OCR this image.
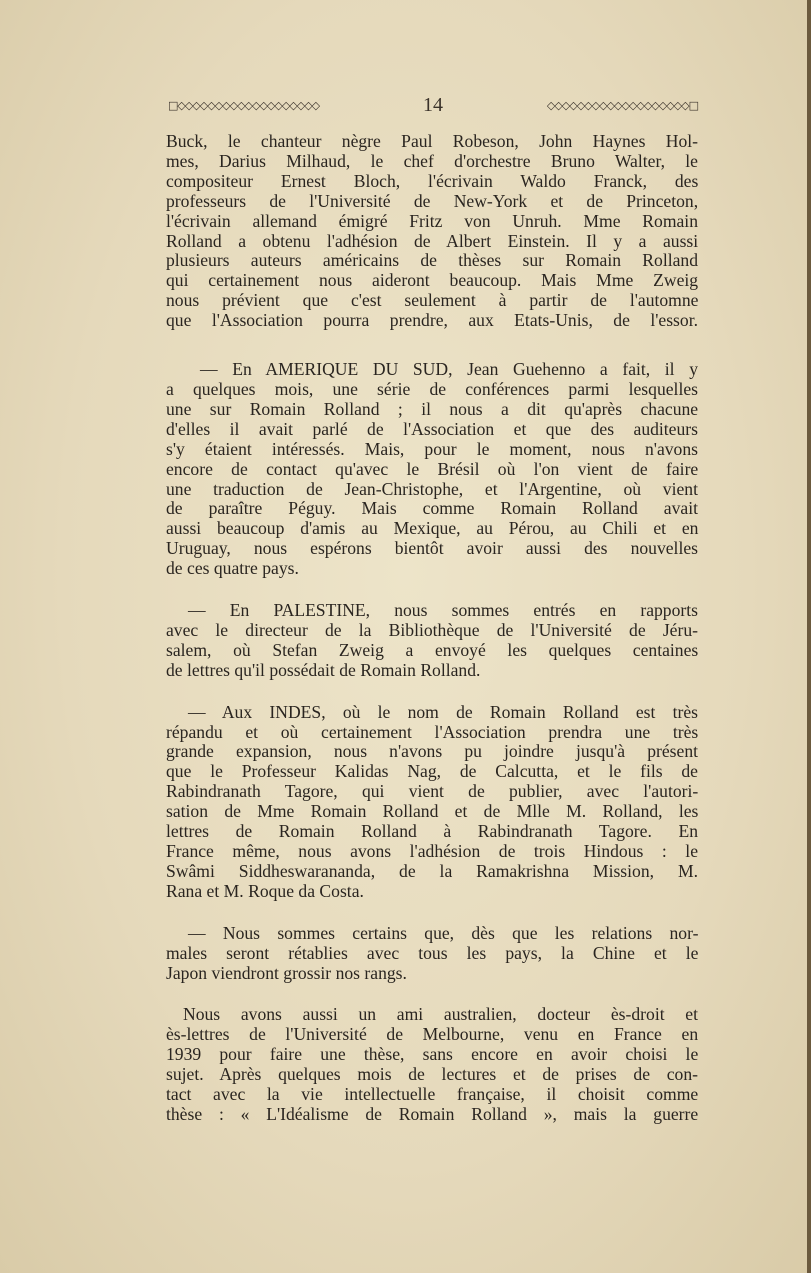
□◇◇◇◇◇◇◇◇◇◇◇◇◇◇◇◇◇◇◇	14	◇◇◇◇◇◇◇◇◇◇◇◇◇◇◇◇◇◇◇□
Buck, le chanteur nègre Paul Robeson, John Haynes Hol-
mes, Darius Milhaud, le chef d'orchestre Bruno Walter, le
compositeur Ernest Bloch, l'écrivain Waldo Franck, des
professeurs de l'Université de New-York et de Princeton,
l'écrivain allemand émigré Fritz von Unruh. Mme Romain
Rolland a obtenu l'adhésion de Albert Einstein. Il y a aussi
plusieurs auteurs américains de thèses sur Romain Rolland
qui certainement nous aideront beaucoup. Mais Mme Zweig
nous prévient que c'est seulement à partir de l'automne
que l'Association pourra prendre, aux Etats-Unis, de l'essor.
— En AMERIQUE DU SUD, Jean Guehenno a fait, il y
a quelques mois, une série de conférences parmi lesquelles
une sur Romain Rolland ; il nous a dit qu'après chacune
d'elles il avait parlé de l'Association et que des auditeurs
s'y étaient intéressés. Mais, pour le moment, nous n'avons
encore de contact qu'avec le Brésil où l'on vient de faire
une traduction de Jean-Christophe, et l'Argentine, où vient
de paraître Péguy. Mais comme Romain Rolland avait
aussi beaucoup d'amis au Mexique, au Pérou, au Chili et en
Uruguay, nous espérons bientôt avoir aussi des nouvelles
de ces quatre pays.
— En PALESTINE, nous sommes entrés en rapports
avec le directeur de la Bibliothèque de l'Université de Jéru-
salem, où Stefan Zweig a envoyé les quelques centaines
de lettres qu'il possédait de Romain Rolland.
— Aux INDES, où le nom de Romain Rolland est très
répandu et où certainement l'Association prendra une très
grande expansion, nous n'avons pu joindre jusqu'à présent
que le Professeur Kalidas Nag, de Calcutta, et le fils de
Rabindranath Tagore, qui vient de publier, avec l'autori-
sation de Mme Romain Rolland et de Mlle M. Rolland, les
lettres de Romain Rolland à Rabindranath Tagore. En
France même, nous avons l'adhésion de trois Hindous : le
Swâmi Siddheswarananda, de la Ramakrishna Mission, M.
Rana et M. Roque da Costa.
— Nous sommes certains que, dès que les relations nor-
males seront rétablies avec tous les pays, la Chine et le
Japon viendront grossir nos rangs.
Nous avons aussi un ami australien, docteur ès-droit et
ès-lettres de l'Université de Melbourne, venu en France en
1939 pour faire une thèse, sans encore en avoir choisi le
sujet. Après quelques mois de lectures et de prises de con-
tact avec la vie intellectuelle française, il choisit comme
thèse : « L'Idéalisme de Romain Rolland », mais la guerre
